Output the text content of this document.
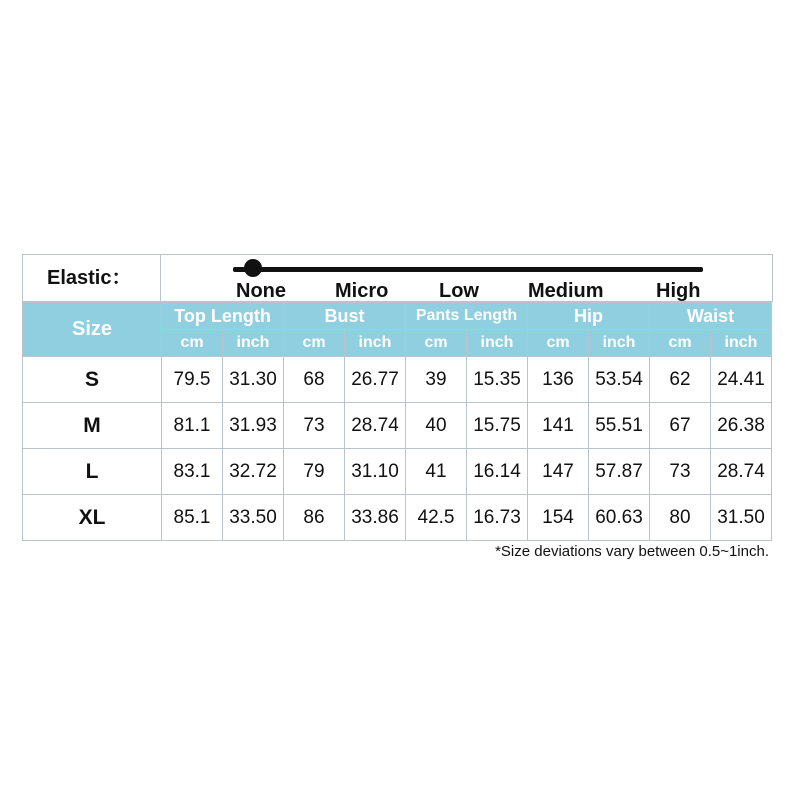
Elastic：
None Micro	Low Medium	High
Size	Top Length		Bust		Pants Length		Hip		Waist	
	cm	inch	cm	inch	cm	inch	cm	inch	cm	inch
S	79.5	31.30	68	26.77	39	15.35	136	53.54	62	24.41
M	81.1	31.93	73	28.74	40	15.75	141	55.51	67	26.38
L	83.1	32.72	79	31.10	41	16.14	147	57.87	73	28.74
XL	85.1	33.50	86	33.86	42.5	16.73	154	60.63	80	31.50
*Size deviations vary between 0.5~1inch.
